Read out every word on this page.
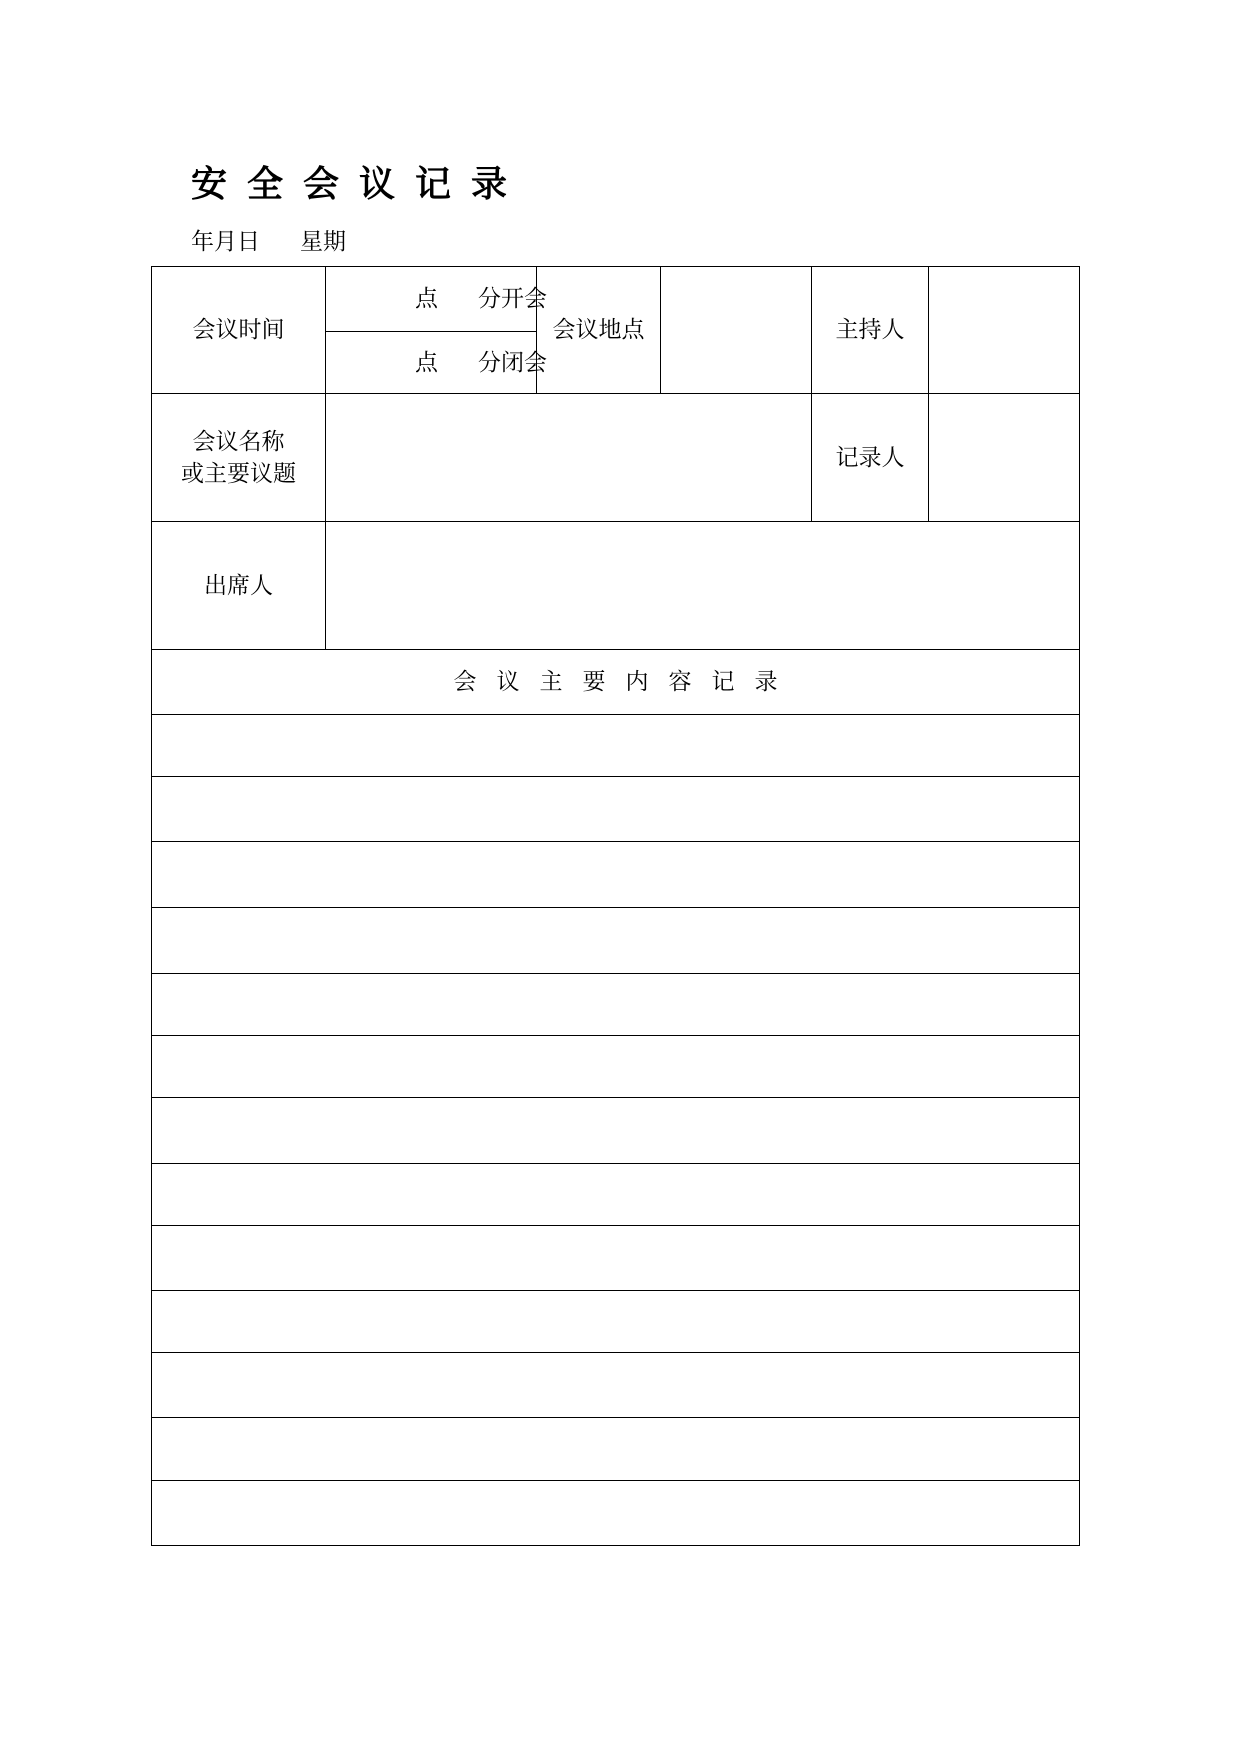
安全会议记录
年月日 星期
会议时间	点 分开会	会议地点		主持人	
	点 分闭会				

会议名称
或主要议题				记录人	
出席人					
会议主要内容记录					
